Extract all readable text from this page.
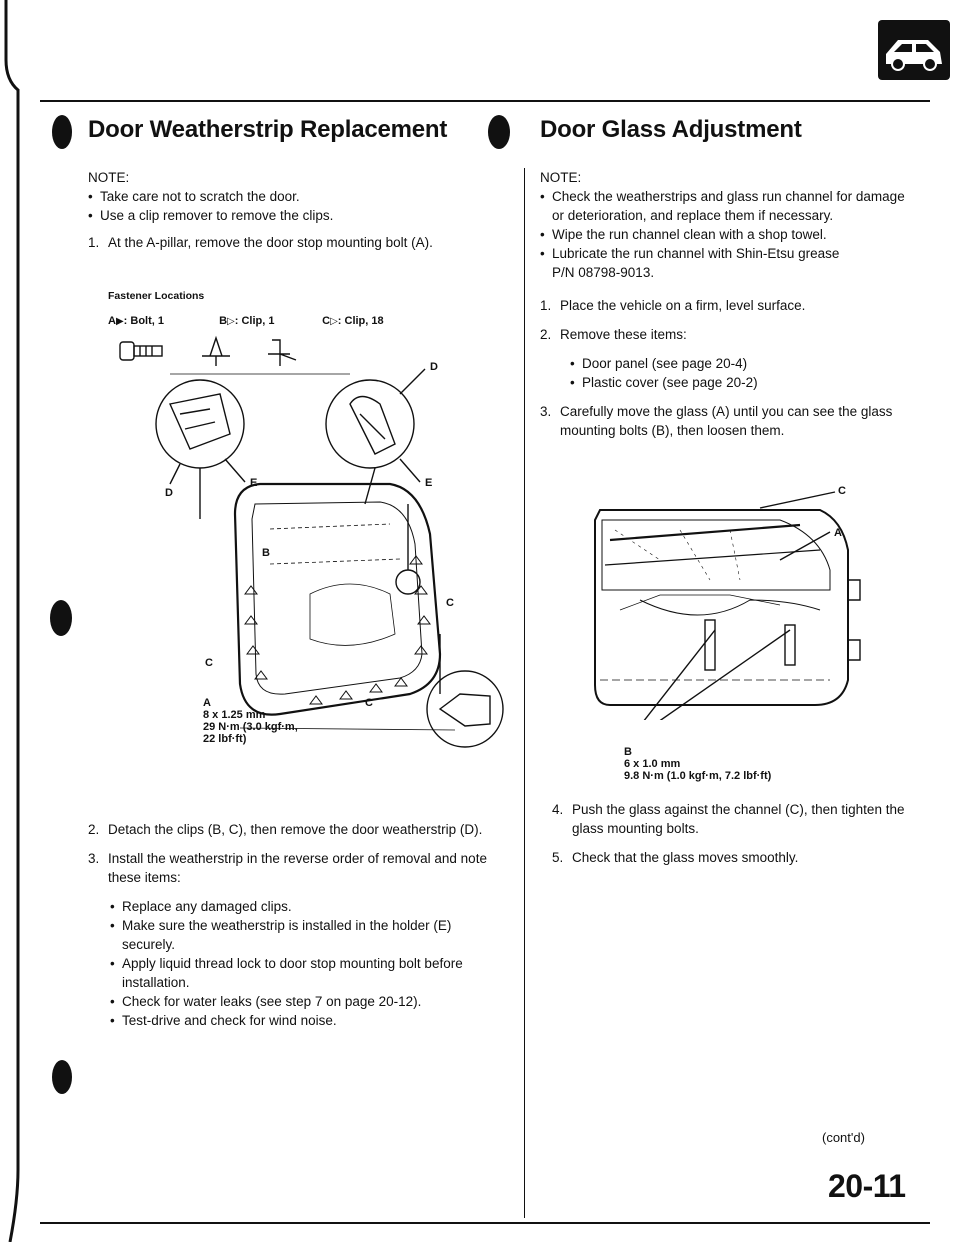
Door Weatherstrip Replacement
NOTE:
• Take care not to scratch the door.
• Use a clip remover to remove the clips.
1. At the A-pillar, remove the door stop mounting bolt (A).
Fastener Locations
A▶: Bolt, 1	B▷: Clip, 1	C▷: Clip, 18
D
D
E	E
B
C
C
C
A
8 x 1.25 mm
29 N·m (3.0 kgf·m,
22 lbf·ft)
2. Detach the clips (B, C), then remove the door weatherstrip (D).
3. Install the weatherstrip in the reverse order of removal and note these items:
• Replace any damaged clips.
• Make sure the weatherstrip is installed in the holder (E) securely.
• Apply liquid thread lock to door stop mounting bolt before installation.
• Check for water leaks (see step 7 on page 20-12).
• Test-drive and check for wind noise.
Door Glass Adjustment
NOTE:
• Check the weatherstrips and glass run channel for damage or deterioration, and replace them if necessary.
• Wipe the run channel clean with a shop towel.
• Lubricate the run channel with Shin-Etsu grease P/N 08798-9013.
1. Place the vehicle on a firm, level surface.
2. Remove these items:
• Door panel (see page 20-4)
• Plastic cover (see page 20-2)
3. Carefully move the glass (A) until you can see the glass mounting bolts (B), then loosen them.
C
A
B
6 x 1.0 mm
9.8 N·m (1.0 kgf·m, 7.2 lbf·ft)
4. Push the glass against the channel (C), then tighten the glass mounting bolts.
5. Check that the glass moves smoothly.
(cont'd)
20-11
